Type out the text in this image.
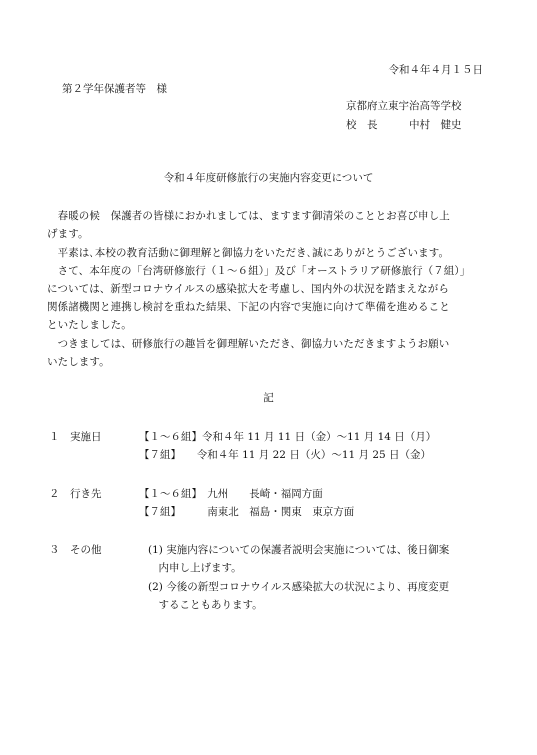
令和４年４月１５日
第２学年保護者等　様
京都府立東宇治高等学校
校　長　　　中村　健史
令和４年度研修旅行の実施内容変更について
　春暖の候　保護者の皆様におかれましては、ますます御清栄のこととお喜び申し上
げます。
　平素は､本校の教育活動に御理解と御協力をいただき､誠にありがとうございます。
　さて、本年度の「台湾研修旅行（１～６組）」及び「オーストラリア研修旅行（７組）」
については、新型コロナウイルスの感染拡大を考慮し、国内外の状況を踏まえながら
関係諸機関と連携し検討を重ねた結果、下記の内容で実施に向けて準備を進めること
といたしました。
　つきましては、研修旅行の趣旨を御理解いただき、御協力いただきますようお願い
いたします。
記
１ 実施日	【１～６組】令和４年 11 月 11 日（金）～11 月 14 日（月）
【７組】　　令和４年 11 月 22 日（火）～11 月 25 日（金）
２ 行き先	【１～６組】　九州　　長崎・福岡方面
【７組】　　　南東北　福島・関東　東京方面
３ その他	(1) 実施内容についての保護者説明会実施については、後日御案
　内申し上げます。
(2) 今後の新型コロナウイルス感染拡大の状況により、再度変更
　することもあります。
